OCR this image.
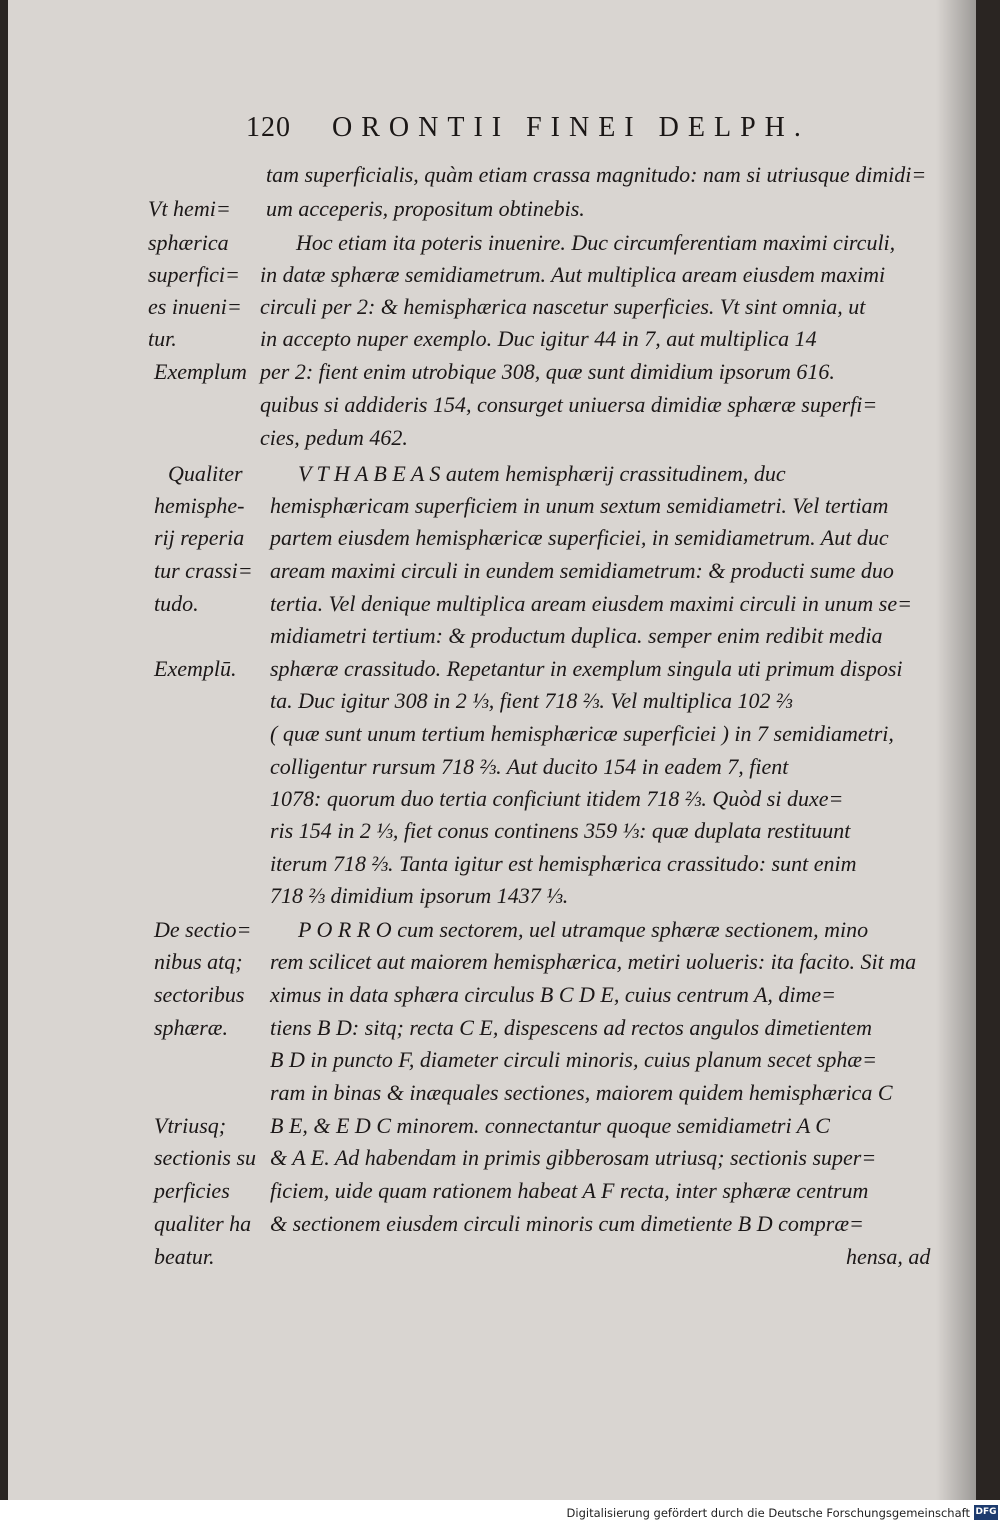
120 ORONTII FINEI DELPH.
tam superficialis, quàm etiam crassa magnitudo: nam si utriusque dimidi=
um acceperis, propositum obtinebis.
Hoc etiam ita poteris inuenire. Duc circumferentiam maximi circuli,
in datæ sphæræ semidiametrum. Aut multiplica aream eiusdem maximi
circuli per 2: & hemisphærica nascetur superficies. Vt sint omnia, ut
in accepto nuper exemplo. Duc igitur 44 in 7, aut multiplica 14
per 2: fient enim utrobique 308, quæ sunt dimidium ipsorum 616.
quibus si addideris 154, consurget uniuersa dimidiæ sphæræ superfi=
cies, pedum 462.
V T H A B E A S autem hemisphærij crassitudinem, duc
hemisphæricam superficiem in unum sextum semidiametri. Vel tertiam
partem eiusdem hemisphæricæ superficiei, in semidiametrum. Aut duc
aream maximi circuli in eundem semidiametrum: & producti sume duo
tertia. Vel denique multiplica aream eiusdem maximi circuli in unum se=
midiametri tertium: & productum duplica. semper enim redibit media
sphæræ crassitudo. Repetantur in exemplum singula uti primum disposi
ta. Duc igitur 308 in 2 ⅓, fient 718 ⅔. Vel multiplica 102 ⅔
( quæ sunt unum tertium hemisphæricæ superficiei ) in 7 semidiametri,
colligentur rursum 718 ⅔. Aut ducito 154 in eadem 7, fient
1078: quorum duo tertia conficiunt itidem 718 ⅔. Quòd si duxe=
ris 154 in 2 ⅓, fiet conus continens 359 ⅓: quæ duplata restituunt
iterum 718 ⅔. Tanta igitur est hemisphærica crassitudo: sunt enim
718 ⅔ dimidium ipsorum 1437 ⅓.
P O R R O cum sectorem, uel utramque sphæræ sectionem, mino
rem scilicet aut maiorem hemisphærica, metiri uolueris: ita facito. Sit ma
ximus in data sphæra circulus B C D E, cuius centrum A, dime=
tiens B D: sitq; recta C E, dispescens ad rectos angulos dimetientem
B D in puncto F, diameter circuli minoris, cuius planum secet sphæ=
ram in binas & inæquales sectiones, maiorem quidem hemisphærica C
B E, & E D C minorem. connectantur quoque semidiametri A C
& A E. Ad habendam in primis gibberosam utriusq; sectionis super=
ficiem, uide quam rationem habeat A F recta, inter sphæræ centrum
& sectionem eiusdem circuli minoris cum dimetiente B D compræ=
hensa, ad
Vt hemi=
sphærica
superfici=
es inueni=
tur.
Exemplum
Qualiter
hemisphe-
rij reperia
tur crassi=
tudo.
Exemplū.
De sectio=
nibus atq;
sectoribus
sphæræ.
Vtriusq;
sectionis su
perficies
qualiter ha
beatur.
Digitalisierung gefördert durch die Deutsche Forschungsgemeinschaft DFG
